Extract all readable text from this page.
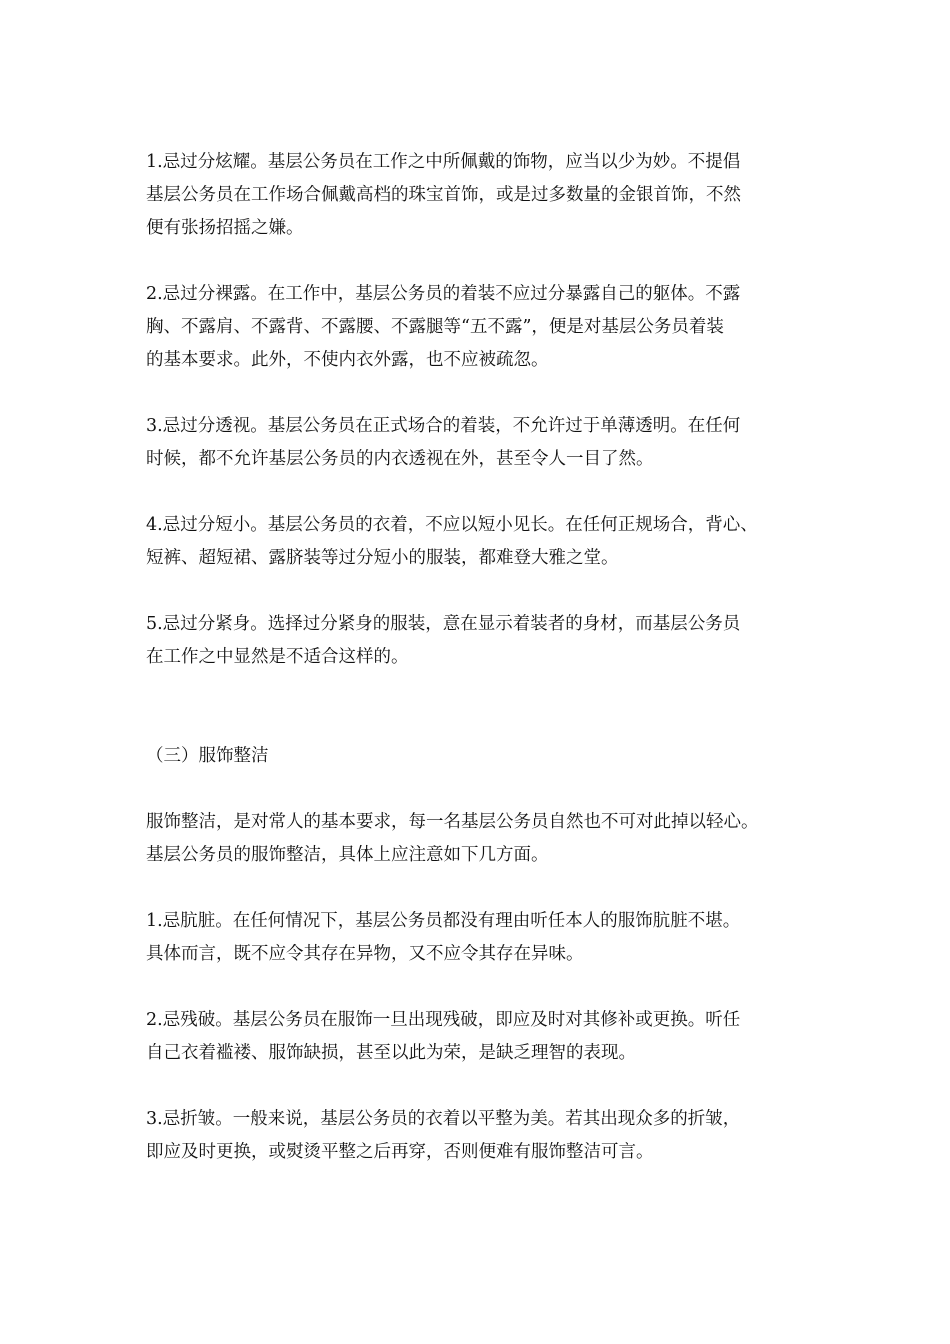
1.忌过分炫耀。基层公务员在工作之中所佩戴的饰物，应当以少为妙。不提倡
基层公务员在工作场合佩戴高档的珠宝首饰，或是过多数量的金银首饰，不然
便有张扬招摇之嫌。

2.忌过分裸露。在工作中，基层公务员的着装不应过分暴露自己的躯体。不露
胸、不露肩、不露背、不露腰、不露腿等“五不露”，便是对基层公务员着装
的基本要求。此外，不使内衣外露，也不应被疏忽。

3.忌过分透视。基层公务员在正式场合的着装，不允许过于单薄透明。在任何
时候，都不允许基层公务员的内衣透视在外，甚至令人一目了然。

4.忌过分短小。基层公务员的衣着，不应以短小见长。在任何正规场合，背心、
短裤、超短裙、露脐装等过分短小的服装，都难登大雅之堂。

5.忌过分紧身。选择过分紧身的服装，意在显示着装者的身材，而基层公务员
在工作之中显然是不适合这样的。

（三）服饰整洁

服饰整洁，是对常人的基本要求，每一名基层公务员自然也不可对此掉以轻心。
基层公务员的服饰整洁，具体上应注意如下几方面。

1.忌肮脏。在任何情况下，基层公务员都没有理由听任本人的服饰肮脏不堪。
具体而言，既不应令其存在异物，又不应令其存在异味。

2.忌残破。基层公务员在服饰一旦出现残破，即应及时对其修补或更换。听任
自己衣着褴褛、服饰缺损，甚至以此为荣，是缺乏理智的表现。

3.忌折皱。一般来说，基层公务员的衣着以平整为美。若其出现众多的折皱，
即应及时更换，或熨烫平整之后再穿，否则便难有服饰整洁可言。
